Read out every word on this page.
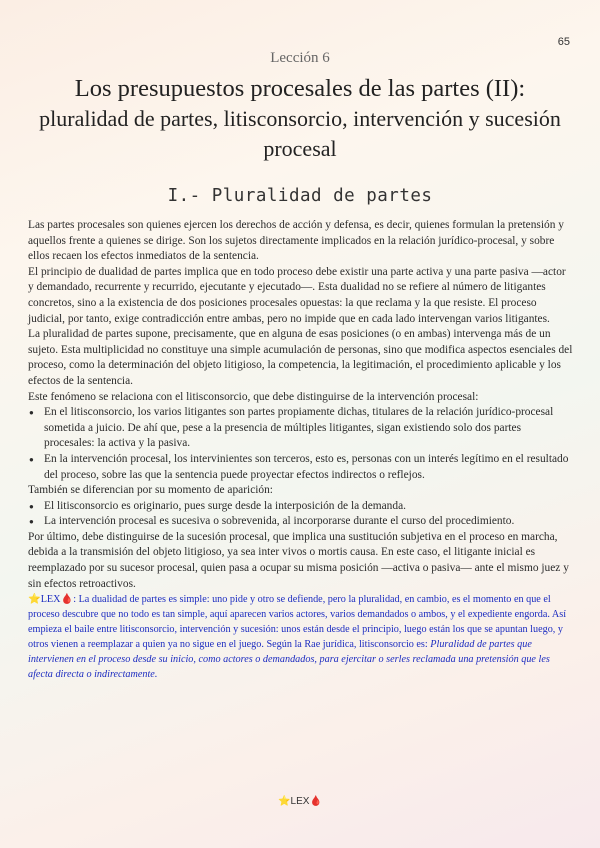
65
Lección 6
Los presupuestos procesales de las partes (II):
pluralidad de partes, litisconsorcio, intervención y sucesión procesal
I.- Pluralidad de partes

Las partes procesales son quienes ejercen los derechos de acción y defensa, es decir, quienes formulan la pretensión y aquellos frente a quienes se dirige. Son los sujetos directamente implicados en la relación jurídico-procesal, y sobre ellos recaen los efectos inmediatos de la sentencia.

El principio de dualidad de partes implica que en todo proceso debe existir una parte activa y una parte pasiva —actor y demandado, recurrente y recurrido, ejecutante y ejecutado—. Esta dualidad no se refiere al número de litigantes concretos, sino a la existencia de dos posiciones procesales opuestas: la que reclama y la que resiste. El proceso judicial, por tanto, exige contradicción entre ambas, pero no impide que en cada lado intervengan varios litigantes.

La pluralidad de partes supone, precisamente, que en alguna de esas posiciones (o en ambas) intervenga más de un sujeto. Esta multiplicidad no constituye una simple acumulación de personas, sino que modifica aspectos esenciales del proceso, como la determinación del objeto litigioso, la competencia, la legitimación, el procedimiento aplicable y los efectos de la sentencia.

Este fenómeno se relaciona con el litisconsorcio, que debe distinguirse de la intervención procesal:

● En el litisconsorcio, los varios litigantes son partes propiamente dichas, titulares de la relación jurídico-procesal sometida a juicio. De ahí que, pese a la presencia de múltiples litigantes, sigan existiendo solo dos partes procesales: la activa y la pasiva.
● En la intervención procesal, los intervinientes son terceros, esto es, personas con un interés legítimo en el resultado del proceso, sobre las que la sentencia puede proyectar efectos indirectos o reflejos.

También se diferencian por su momento de aparición:

● El litisconsorcio es originario, pues surge desde la interposición de la demanda.
● La intervención procesal es sucesiva o sobrevenida, al incorporarse durante el curso del procedimiento.

Por último, debe distinguirse de la sucesión procesal, que implica una sustitución subjetiva en el proceso en marcha, debida a la transmisión del objeto litigioso, ya sea inter vivos o mortis causa. En este caso, el litigante inicial es reemplazado por su sucesor procesal, quien pasa a ocupar su misma posición —activa o pasiva— ante el mismo juez y sin efectos retroactivos.

⭐LEX🩸: La dualidad de partes es simple: uno pide y otro se defiende, pero la pluralidad, en cambio, es el momento en que el proceso descubre que no todo es tan simple, aquí aparecen varios actores, varios demandados o ambos, y el expediente engorda. Así empieza el baile entre litisconsorcio, intervención y sucesión: unos están desde el principio, luego están los que se apuntan luego, y otros vienen a reemplazar a quien ya no sigue en el juego. Según la Rae jurídica, litisconsorcio es: Pluralidad de partes que intervienen en el proceso desde su inicio, como actores o demandados, para ejercitar o serles reclamada una pretensión que les afecta directa o indirectamente.

⭐LEX🩸
